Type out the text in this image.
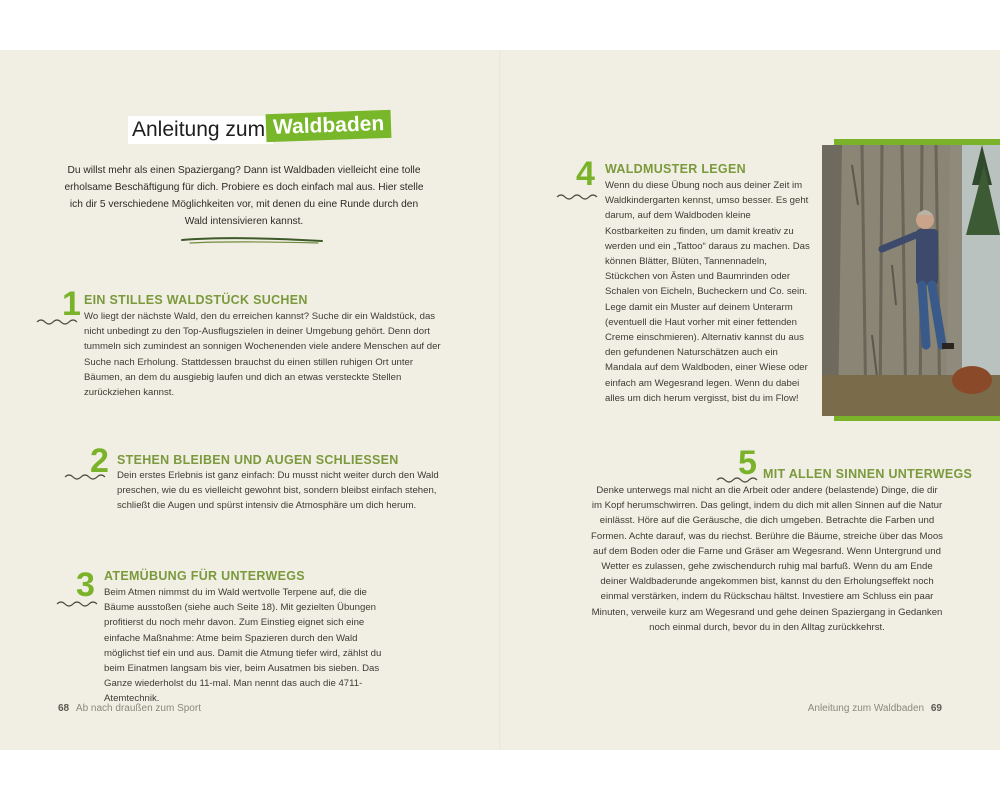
Anleitung zum Waldbaden
Du willst mehr als einen Spaziergang? Dann ist Waldbaden vielleicht eine tolle erholsame Beschäftigung für dich. Probiere es doch einfach mal aus. Hier stelle ich dir 5 verschiedene Möglichkeiten vor, mit denen du eine Runde durch den Wald intensivieren kannst.
1 EIN STILLES WALDSTÜCK SUCHEN
Wo liegt der nächste Wald, den du erreichen kannst? Suche dir ein Waldstück, das nicht unbedingt zu den Top-Ausflugszielen in deiner Umgebung gehört. Denn dort tummeln sich zumindest an sonnigen Wochenenden viele andere Menschen auf der Suche nach Erholung. Stattdessen brauchst du einen stillen ruhigen Ort unter Bäumen, an dem du ausgiebig laufen und dich an etwas versteckte Stellen zurückziehen kannst.
2 STEHEN BLEIBEN UND AUGEN SCHLIESSEN
Dein erstes Erlebnis ist ganz einfach: Du musst nicht weiter durch den Wald preschen, wie du es vielleicht gewohnt bist, sondern bleibst einfach stehen, schließt die Augen und spürst intensiv die Atmosphäre um dich herum.
3 ATEMÜBUNG FÜR UNTERWEGS
Beim Atmen nimmst du im Wald wertvolle Terpene auf, die die Bäume ausstoßen (siehe auch Seite 18). Mit gezielten Übungen profitierst du noch mehr davon. Zum Einstieg eignet sich eine einfache Maßnahme: Atme beim Spazieren durch den Wald möglichst tief ein und aus. Damit die Atmung tiefer wird, zählst du beim Einatmen langsam bis vier, beim Ausatmen bis sieben. Das Ganze wiederholst du 11-mal. Man nennt das auch die 4711-Atemtechnik.
4 WALDMUSTER LEGEN
Wenn du diese Übung noch aus deiner Zeit im Waldkindergarten kennst, umso besser. Es geht darum, auf dem Waldboden kleine Kostbarkeiten zu finden, um damit kreativ zu werden und ein „Tattoo“ daraus zu machen. Das können Blätter, Blüten, Tannennadeln, Stückchen von Ästen und Baumrinden oder Schalen von Eicheln, Bucheckern und Co. sein. Lege damit ein Muster auf deinem Unterarm (eventuell die Haut vorher mit einer fettenden Creme einschmieren). Alternativ kannst du aus den gefundenen Naturschätzen auch ein Mandala auf dem Waldboden, einer Wiese oder einfach am Wegesrand legen. Wenn du dabei alles um dich herum vergisst, bist du im Flow!
5 MIT ALLEN SINNEN UNTERWEGS
Denke unterwegs mal nicht an die Arbeit oder andere (belastende) Dinge, die dir im Kopf herumschwirren. Das gelingt, indem du dich mit allen Sinnen auf die Natur einlässt. Höre auf die Geräusche, die dich umgeben. Betrachte die Farben und Formen. Achte darauf, was du riechst. Berühre die Bäume, streiche über das Moos auf dem Boden oder die Farne und Gräser am Wegesrand. Wenn Untergrund und Wetter es zulassen, gehe zwischendurch ruhig mal barfuß. Wenn du am Ende deiner Waldbaderunde angekommen bist, kannst du den Erholungseffekt noch einmal verstärken, indem du Rückschau hältst. Investiere am Schluss ein paar Minuten, verweile kurz am Wegesrand und gehe deinen Spaziergang in Gedanken noch einmal durch, bevor du in den Alltag zurückkehrst.
68 Ab nach draußen zum Sport	Anleitung zum Waldbaden 69
